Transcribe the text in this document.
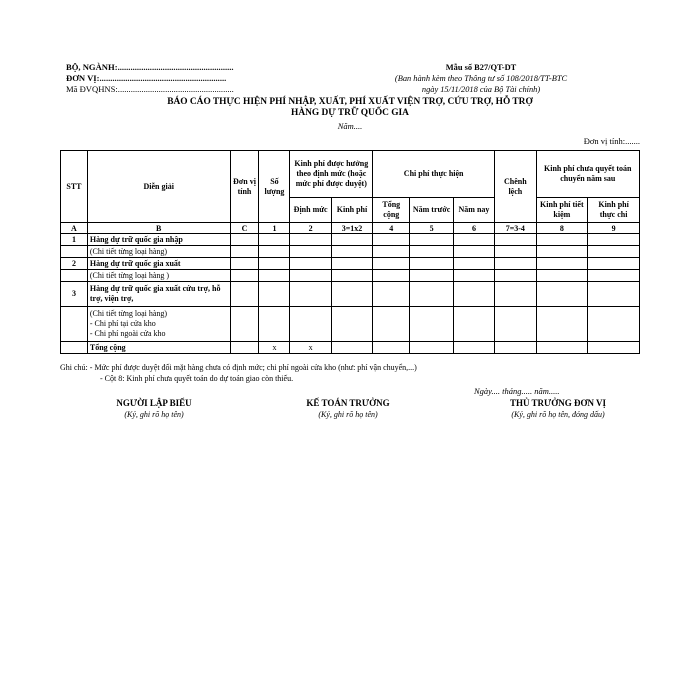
BỘ, NGÀNH:......................................................
ĐƠN VỊ:...........................................................
Mã ĐVQHNS:......................................................
Mẫu số B27/QT-DT
(Ban hành kèm theo Thông tư số 108/2018/TT-BTC
ngày 15/11/2018 của Bộ Tài chính)
BÁO CÁO THỰC HIỆN PHÍ NHẬP, XUẤT, PHÍ XUẤT VIỆN TRỢ, CỨU TRỢ, HỖ TRỢ
HÀNG DỰ TRỮ QUỐC GIA
Năm....
Đơn vị tính:.......
STT	Diễn giải	Đơn vị tính	Số lượng	Kinh phí được hưởng theo định mức (hoặc mức phí được duyệt)		Chi phí thực hiện			Chênh lệch	Kinh phí chưa quyết toán chuyển năm sau	
				Định mức	Kinh phí	Tổng cộng	Năm trước	Năm nay		Kinh phí tiết kiệm	Kinh phí thực chi
A	B	C	1	2	3=1x2	4	5	6	7=3-4	8	9
1	Hàng dự trữ quốc gia nhập										
	(Chi tiết từng loại hàng)										
2	Hàng dự trữ quốc gia xuất										
	(Chi tiết từng loại hàng )										
3	Hàng dự trữ quốc gia xuất cứu trợ, hỗ trợ, viện trợ,										
	(Chi tiết từng loại hàng)
- Chi phí tại cửa kho
- Chi phí ngoài cửa kho										
	Tổng cộng		x	x							
Ghi chú: - Mức phí được duyệt đối mặt hàng chưa có định mức; chi phí ngoài cửa kho (như: phí vận chuyển,...)
- Cột 8: Kinh phí chưa quyết toán do dự toán giao còn thiếu.
Ngày.... tháng..... năm.....
NGƯỜI LẬP BIỂU
(Ký, ghi rõ họ tên)
KẾ TOÁN TRƯỞNG
(Ký, ghi rõ họ tên)
THỦ TRƯỞNG ĐƠN VỊ
(Ký, ghi rõ họ tên, đóng dấu)
